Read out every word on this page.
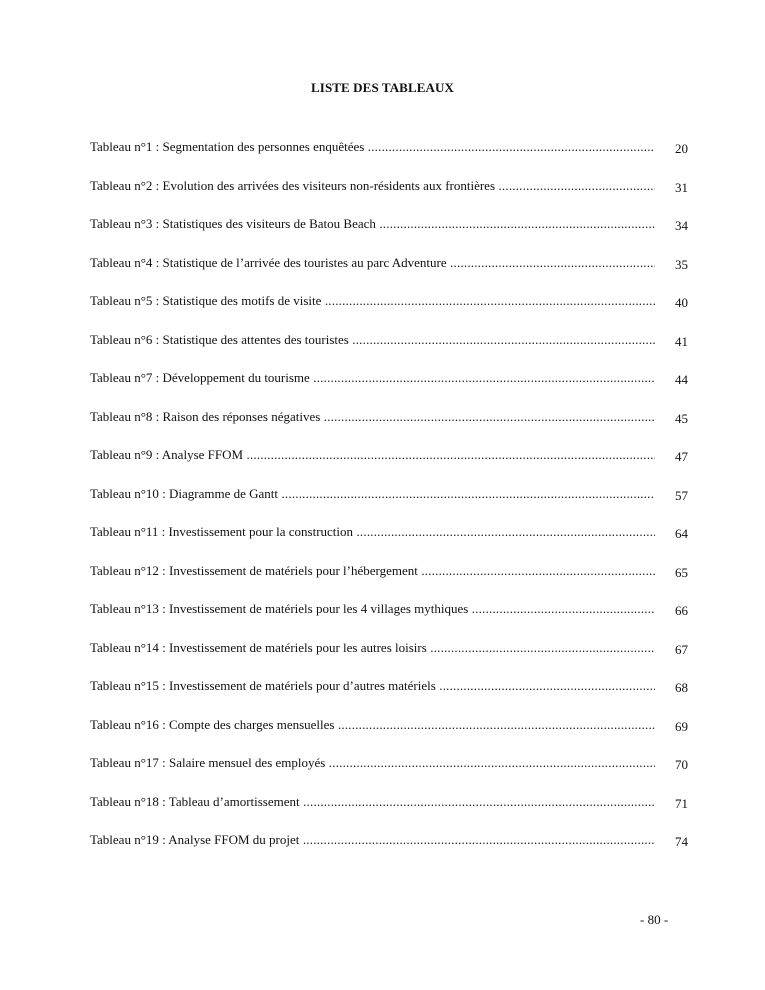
LISTE DES TABLEAUX
Tableau n°1 : Segmentation des personnes enquêtées .....	20
Tableau n°2 : Evolution des arrivées des visiteurs non-résidents aux frontières .....	31
Tableau n°3 : Statistiques des visiteurs de Batou Beach .....	34
Tableau n°4 : Statistique de l’arrivée des touristes au parc Adventure .....	35
Tableau n°5 : Statistique des motifs de visite .....	40
Tableau n°6 : Statistique des attentes des touristes .....	41
Tableau n°7 : Développement du tourisme .....	44
Tableau n°8 : Raison des réponses négatives .....	45
Tableau n°9 : Analyse FFOM .....	47
Tableau n°10 : Diagramme de Gantt .....	57
Tableau n°11 : Investissement pour la construction .....	64
Tableau n°12 : Investissement de matériels pour l’hébergement .....	65
Tableau n°13 : Investissement de matériels pour les 4 villages mythiques .....	66
Tableau n°14 : Investissement de matériels pour les autres loisirs .....	67
Tableau n°15 : Investissement de matériels pour d’autres matériels .....	68
Tableau n°16 : Compte des charges mensuelles .....	69
Tableau n°17 : Salaire mensuel des employés .....	70
Tableau n°18 : Tableau d’amortissement .....	71
Tableau n°19 : Analyse FFOM du projet .....	74
- 80 -
